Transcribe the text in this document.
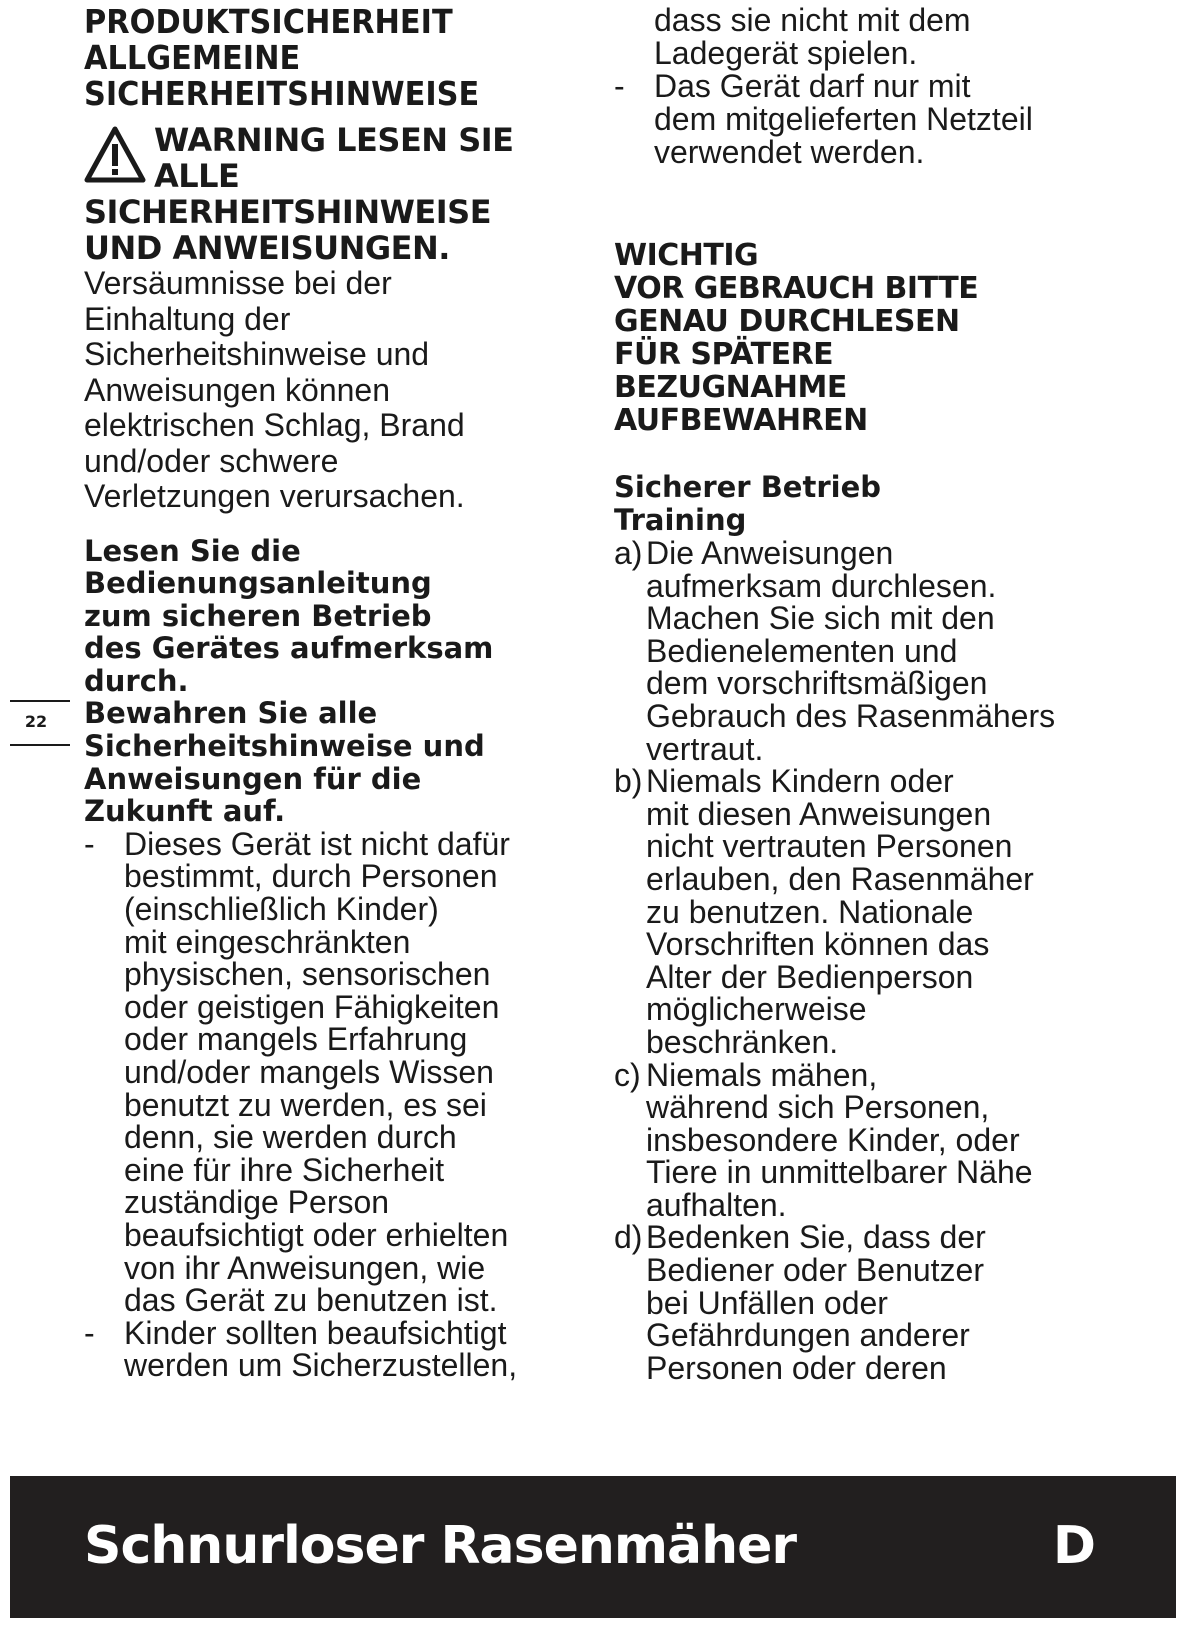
PRODUKTSICHERHEIT
ALLGEMEINE
SICHERHEITSHINWEISE
WARNING LESEN SIE
ALLE
SICHERHEITSHINWEISE
UND ANWEISUNGEN.
Versäumnisse bei der
Einhaltung der
Sicherheitshinweise und
Anweisungen können
elektrischen Schlag, Brand
und/oder schwere
Verletzungen verursachen.
Lesen Sie die
Bedienungsanleitung
zum sicheren Betrieb
des Gerätes aufmerksam
durch.
Bewahren Sie alle
Sicherheitshinweise und
Anweisungen für die
Zukunft auf.
- Dieses Gerät ist nicht dafür
bestimmt, durch Personen
(einschließlich Kinder)
mit eingeschränkten
physischen, sensorischen
oder geistigen Fähigkeiten
oder mangels Erfahrung
und/oder mangels Wissen
benutzt zu werden, es sei
denn, sie werden durch
eine für ihre Sicherheit
zuständige Person
beaufsichtigt oder erhielten
von ihr Anweisungen, wie
das Gerät zu benutzen ist.
- Kinder sollten beaufsichtigt
werden um Sicherzustellen,
22
dass sie nicht mit dem
Ladegerät spielen.
- Das Gerät darf nur mit
dem mitgelieferten Netzteil
verwendet werden.
WICHTIG
VOR GEBRAUCH BITTE
GENAU DURCHLESEN
FÜR SPÄTERE
BEZUGNAHME
AUFBEWAHREN
Sicherer Betrieb
Training
a) Die Anweisungen
aufmerksam durchlesen.
Machen Sie sich mit den
Bedienelementen und
dem vorschriftsmäßigen
Gebrauch des Rasenmähers
vertraut.
b) Niemals Kindern oder
mit diesen Anweisungen
nicht vertrauten Personen
erlauben, den Rasenmäher
zu benutzen. Nationale
Vorschriften können das
Alter der Bedienperson
möglicherweise
beschränken.
c) Niemals mähen,
während sich Personen,
insbesondere Kinder, oder
Tiere in unmittelbarer Nähe
aufhalten.
d) Bedenken Sie, dass der
Bediener oder Benutzer
bei Unfällen oder
Gefährdungen anderer
Personen oder deren
Schnurloser Rasenmäher	D
